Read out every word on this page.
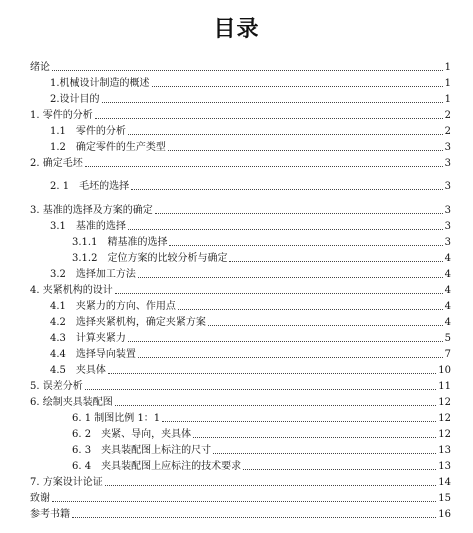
目录
绪论	1
1.机械设计制造的概述	1
2.设计目的	1
1. 零件的分析	2
1.1　零件的分析	2
1.2　确定零件的生产类型	3
2. 确定毛坯	3
2. 1　毛坯的选择	3
3. 基准的选择及方案的确定	3
3.1　基准的选择	3
3.1.1　精基准的选择	3
3.1.2　定位方案的比较分析与确定	4
3.2　选择加工方法	4
4. 夹紧机构的设计	4
4.1　夹紧力的方向、作用点	4
4.2　选择夹紧机构，确定夹紧方案	4
4.3　计算夹紧力	5
4.4　选择导向装置	7
4.5　夹具体	10
5. 误差分析	11
6. 绘制夹具装配图	12
6. 1 制图比例 1：1	12
6. 2　夹紧、导向，夹具体	12
6. 3　夹具装配图上标注的尺寸	13
6. 4　夹具装配图上应标注的技术要求	13
7. 方案设计论证	14
致谢	15
参考书籍	16
